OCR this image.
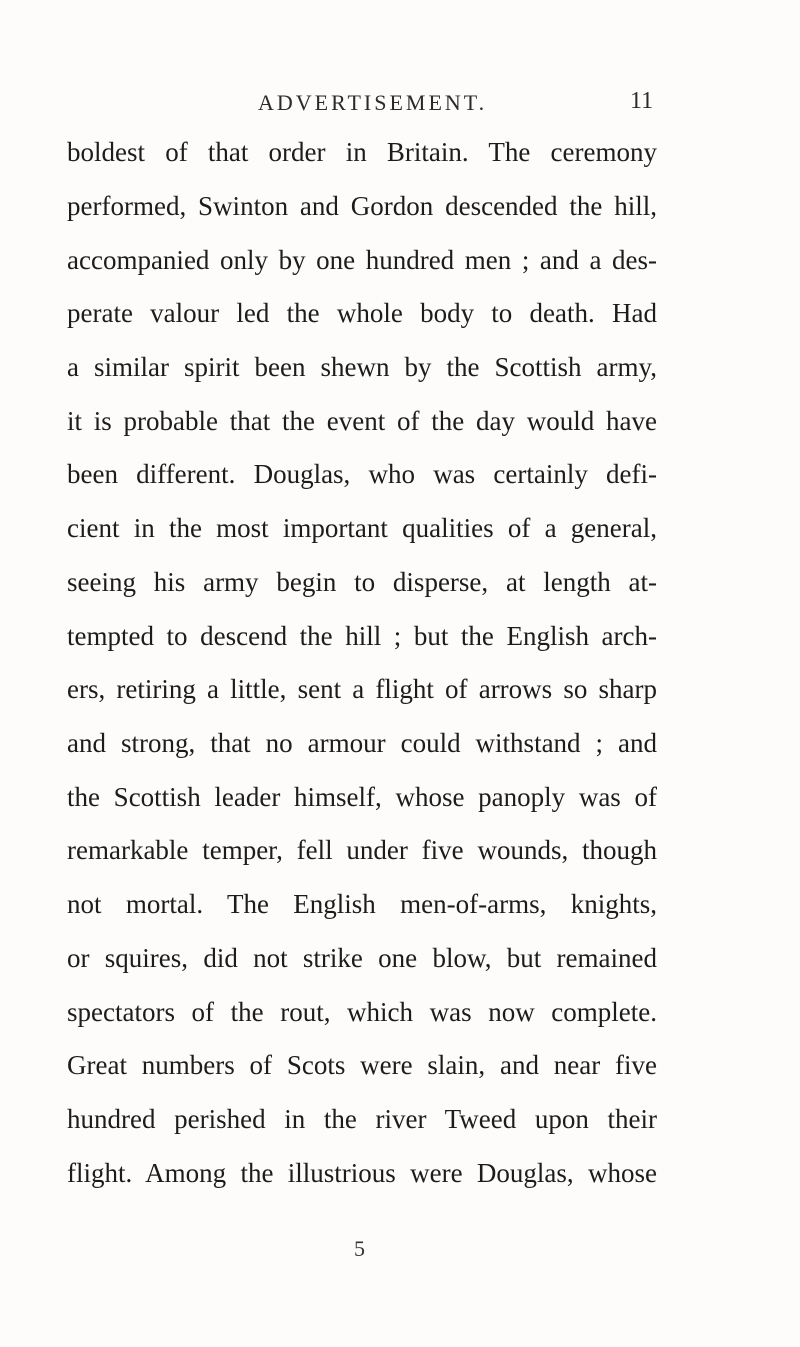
ADVERTISEMENT.	11
boldest of that order in Britain. The ceremony
performed, Swinton and Gordon descended the hill,
accompanied only by one hundred men ; and a des-
perate valour led the whole body to death. Had
a similar spirit been shewn by the Scottish army,
it is probable that the event of the day would have
been different. Douglas, who was certainly defi-
cient in the most important qualities of a general,
seeing his army begin to disperse, at length at-
tempted to descend the hill ; but the English arch-
ers, retiring a little, sent a flight of arrows so sharp
and strong, that no armour could withstand ; and
the Scottish leader himself, whose panoply was of
remarkable temper, fell under five wounds, though
not mortal. The English men-of-arms, knights,
or squires, did not strike one blow, but remained
spectators of the rout, which was now complete.
Great numbers of Scots were slain, and near five
hundred perished in the river Tweed upon their
flight. Among the illustrious were Douglas, whose
5
